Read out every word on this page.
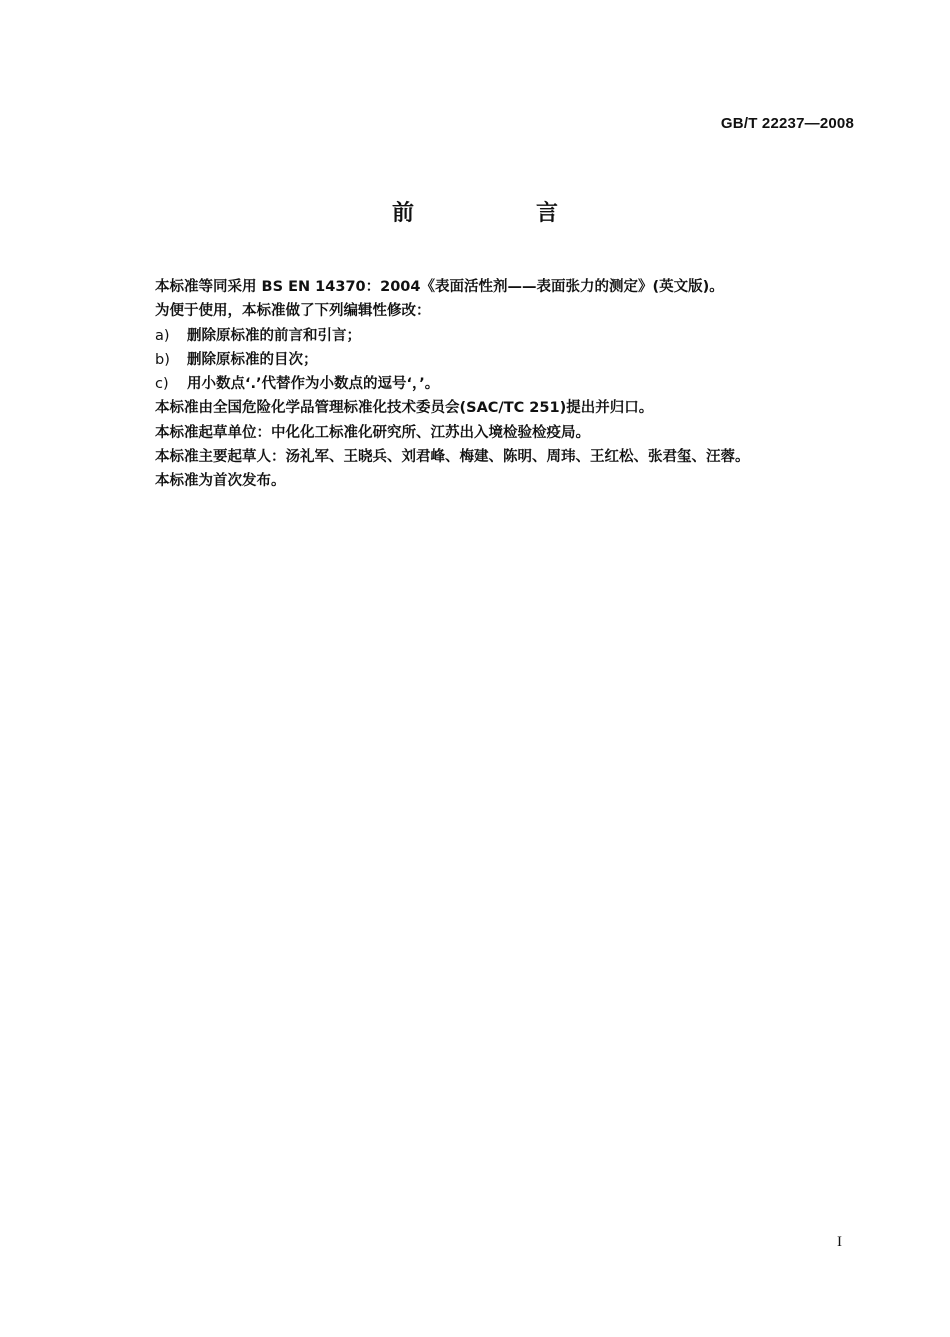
GB/T 22237—2008
前　言
本标准等同采用 BS EN 14370：2004《表面活性剂——表面张力的测定》(英文版)。
为便于使用，本标准做了下列编辑性修改：
a)	删除原标准的前言和引言；
b)	删除原标准的目次；
c)	用小数点‘.’代替作为小数点的逗号‘，’。
本标准由全国危险化学品管理标准化技术委员会(SAC/TC 251)提出并归口。
本标准起草单位：中化化工标准化研究所、江苏出入境检验检疫局。
本标准主要起草人：汤礼军、王晓兵、刘君峰、梅建、陈明、周玮、王红松、张君玺、汪蓉。
本标准为首次发布。
I
